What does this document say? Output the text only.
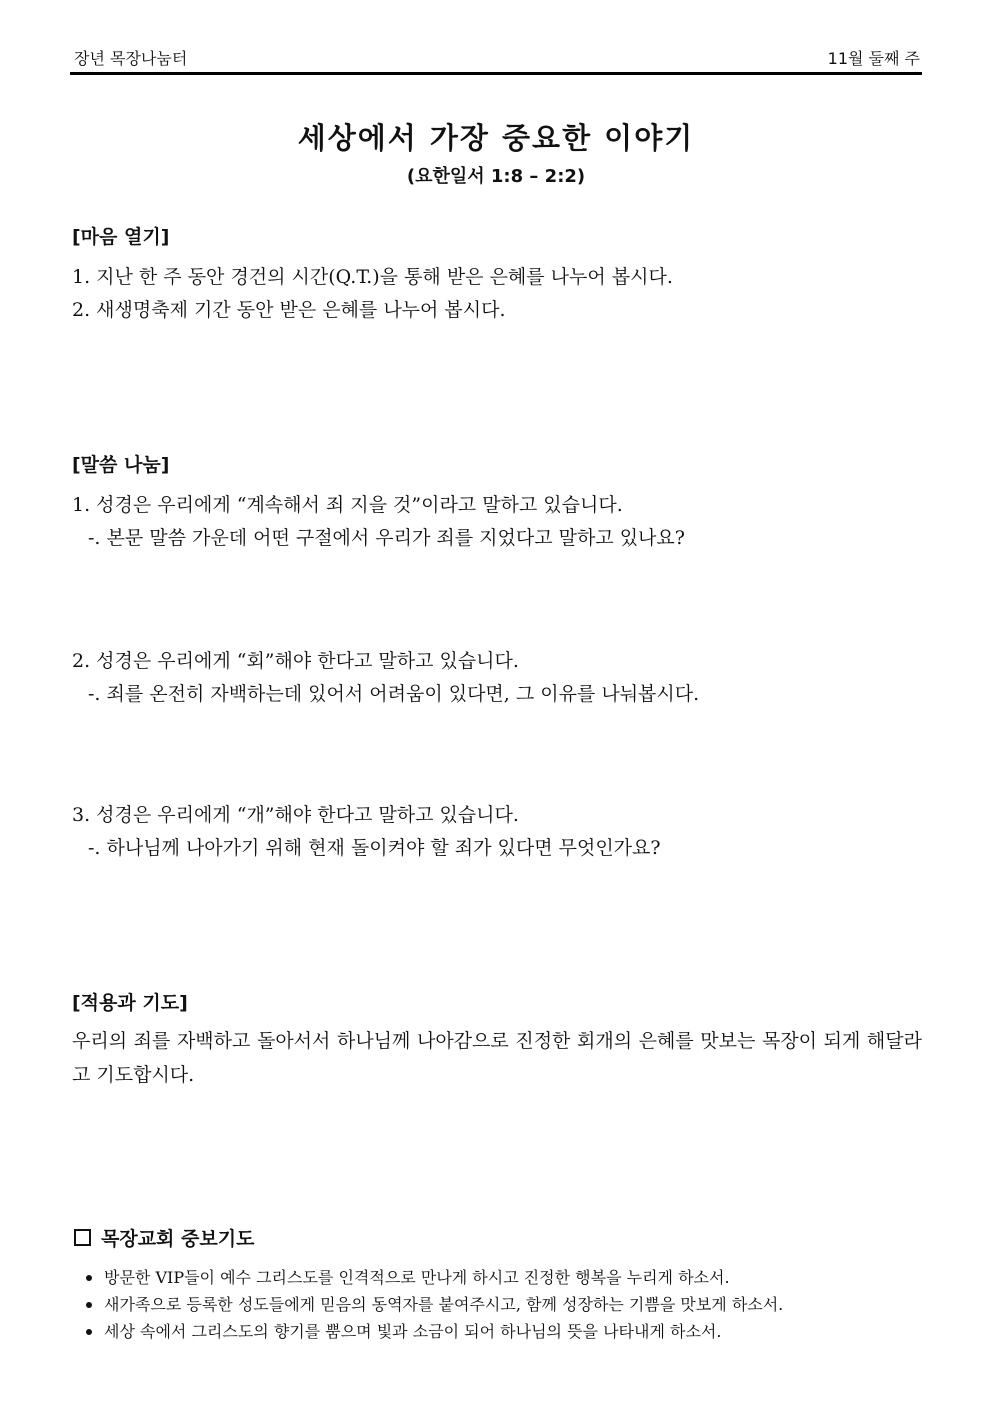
장년 목장나눔터	11월 둘째 주
세상에서 가장 중요한 이야기
(요한일서 1:8 – 2:2)
[마음 열기]
1. 지난 한 주 동안 경건의 시간(Q.T.)을 통해 받은 은혜를 나누어 봅시다.
2. 새생명축제 기간 동안 받은 은혜를 나누어 봅시다.
[말씀 나눔]
1. 성경은 우리에게 “계속해서 죄 지을 것”이라고 말하고 있습니다.
-. 본문 말씀 가운데 어떤 구절에서 우리가 죄를 지었다고 말하고 있나요?
2. 성경은 우리에게 “회”해야 한다고 말하고 있습니다.
-. 죄를 온전히 자백하는데 있어서 어려움이 있다면, 그 이유를 나눠봅시다.
3. 성경은 우리에게 “개”해야 한다고 말하고 있습니다.
-. 하나님께 나아가기 위해 현재 돌이켜야 할 죄가 있다면 무엇인가요?
[적용과 기도]
우리의 죄를 자백하고 돌아서서 하나님께 나아감으로 진정한 회개의 은혜를 맛보는 목장이 되게 해달라고 기도합시다.
목장교회 중보기도
방문한 VIP들이 예수 그리스도를 인격적으로 만나게 하시고 진정한 행복을 누리게 하소서.
새가족으로 등록한 성도들에게 믿음의 동역자를 붙여주시고, 함께 성장하는 기쁨을 맛보게 하소서.
세상 속에서 그리스도의 향기를 뿜으며 빛과 소금이 되어 하나님의 뜻을 나타내게 하소서.
